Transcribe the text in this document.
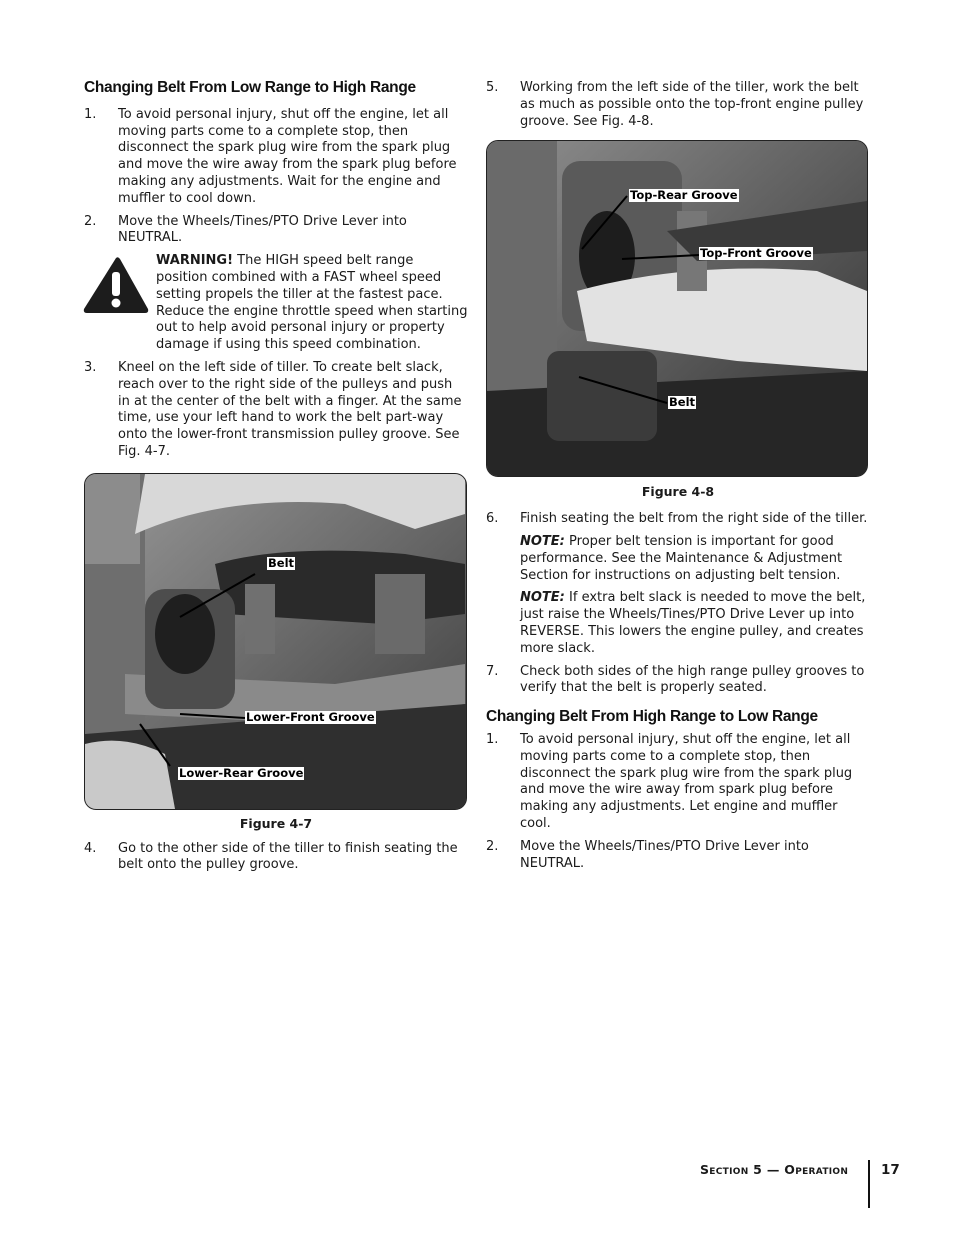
Changing Belt From Low Range to High Range

1. To avoid personal injury, shut off the engine, let all moving parts come to a complete stop, then disconnect the spark plug wire from the spark plug and move the wire away from the spark plug before making any adjustments. Wait for the engine and muffler to cool down.

2. Move the Wheels/Tines/PTO Drive Lever into NEUTRAL.

WARNING! The HIGH speed belt range position combined with a FAST wheel speed setting propels the tiller at the fastest pace. Reduce the engine throttle speed when starting out to help avoid personal injury or property damage if using this speed combination.

3. Kneel on the left side of tiller. To create belt slack, reach over to the right side of the pulleys and push in at the center of the belt with a finger. At the same time, use your left hand to work the belt part-way onto the lower-front transmission pulley groove. See Fig. 4-7.

Belt
Lower-Front Groove
Lower-Rear Groove
Figure 4-7

4. Go to the other side of the tiller to finish seating the belt onto the pulley groove.

5. Working from the left side of the tiller, work the belt as much as possible onto the top-front engine pulley groove. See Fig. 4-8.

Top-Rear Groove
Top-Front Groove
Belt
Figure 4-8

6. Finish seating the belt from the right side of the tiller.

NOTE: Proper belt tension is important for good performance. See the Maintenance & Adjustment Section for instructions on adjusting belt tension.

NOTE: If extra belt slack is needed to move the belt, just raise the Wheels/Tines/PTO Drive Lever up into REVERSE. This lowers the engine pulley, and creates more slack.

7. Check both sides of the high range pulley grooves to verify that the belt is properly seated.

Changing Belt From High Range to Low Range

1. To avoid personal injury, shut off the engine, let all moving parts come to a complete stop, then disconnect the spark plug wire from the spark plug and move the wire away from spark plug before making any adjustments. Let engine and muffler cool.

2. Move the Wheels/Tines/PTO Drive Lever into NEUTRAL.

Section 5 — Operation 17
